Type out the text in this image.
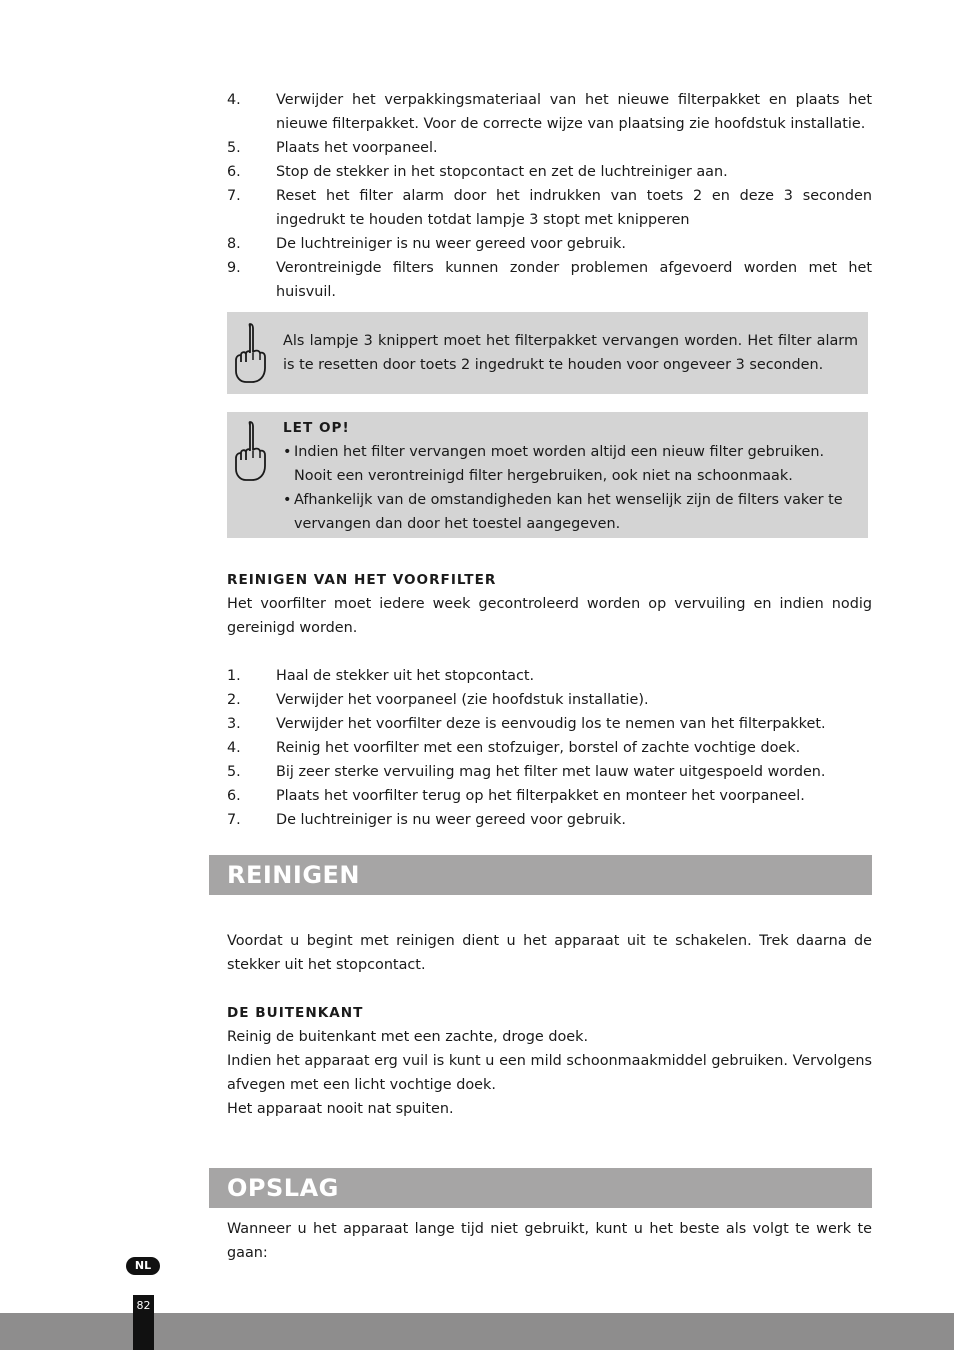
4. Verwijder het verpakkingsmateriaal van het nieuwe filterpakket en plaats het nieuwe filterpakket. Voor de correcte wijze van plaatsing zie hoofdstuk installatie.
5. Plaats het voorpaneel.
6. Stop de stekker in het stopcontact en zet de luchtreiniger aan.
7. Reset het filter alarm door het indrukken van toets 2 en deze 3 seconden ingedrukt te houden totdat lampje 3 stopt met knipperen
8. De luchtreiniger is nu weer gereed voor gebruik.
9. Verontreinigde filters kunnen zonder problemen afgevoerd worden met het huisvuil.

Als lampje 3 knippert moet het filterpakket vervangen worden. Het filter alarm is te resetten door toets 2 ingedrukt te houden voor ongeveer 3 seconden.

LET OP!
• Indien het filter vervangen moet worden altijd een nieuw filter gebruiken. Nooit een verontreinigd filter hergebruiken, ook niet na schoonmaak.
• Afhankelijk van de omstandigheden kan het wenselijk zijn de filters vaker te vervangen dan door het toestel aangegeven.
REINIGEN VAN HET VOORFILTER

Het voorfilter moet iedere week gecontroleerd worden op vervuiling en indien nodig gereinigd worden.

1. Haal de stekker uit het stopcontact.
2. Verwijder het voorpaneel (zie hoofdstuk installatie).
3. Verwijder het voorfilter deze is eenvoudig los te nemen van het filterpakket.
4. Reinig het voorfilter met een stofzuiger, borstel of zachte vochtige doek.
5. Bij zeer sterke vervuiling mag het filter met lauw water uitgespoeld worden.
6. Plaats het voorfilter terug op het filterpakket en monteer het voorpaneel.
7. De luchtreiniger is nu weer gereed voor gebruik.
REINIGEN

Voordat u begint met reinigen dient u het apparaat uit te schakelen. Trek daarna de stekker uit het stopcontact.

DE BUITENKANT

Reinig de buitenkant met een zachte, droge doek.

Indien het apparaat erg vuil is kunt u een mild schoonmaakmiddel gebruiken. Vervolgens afvegen met een licht vochtige doek.

Het apparaat nooit nat spuiten.

OPSLAG

Wanneer u het apparaat lange tijd niet gebruikt, kunt u het beste als volgt te werk te gaan:

NL
82
